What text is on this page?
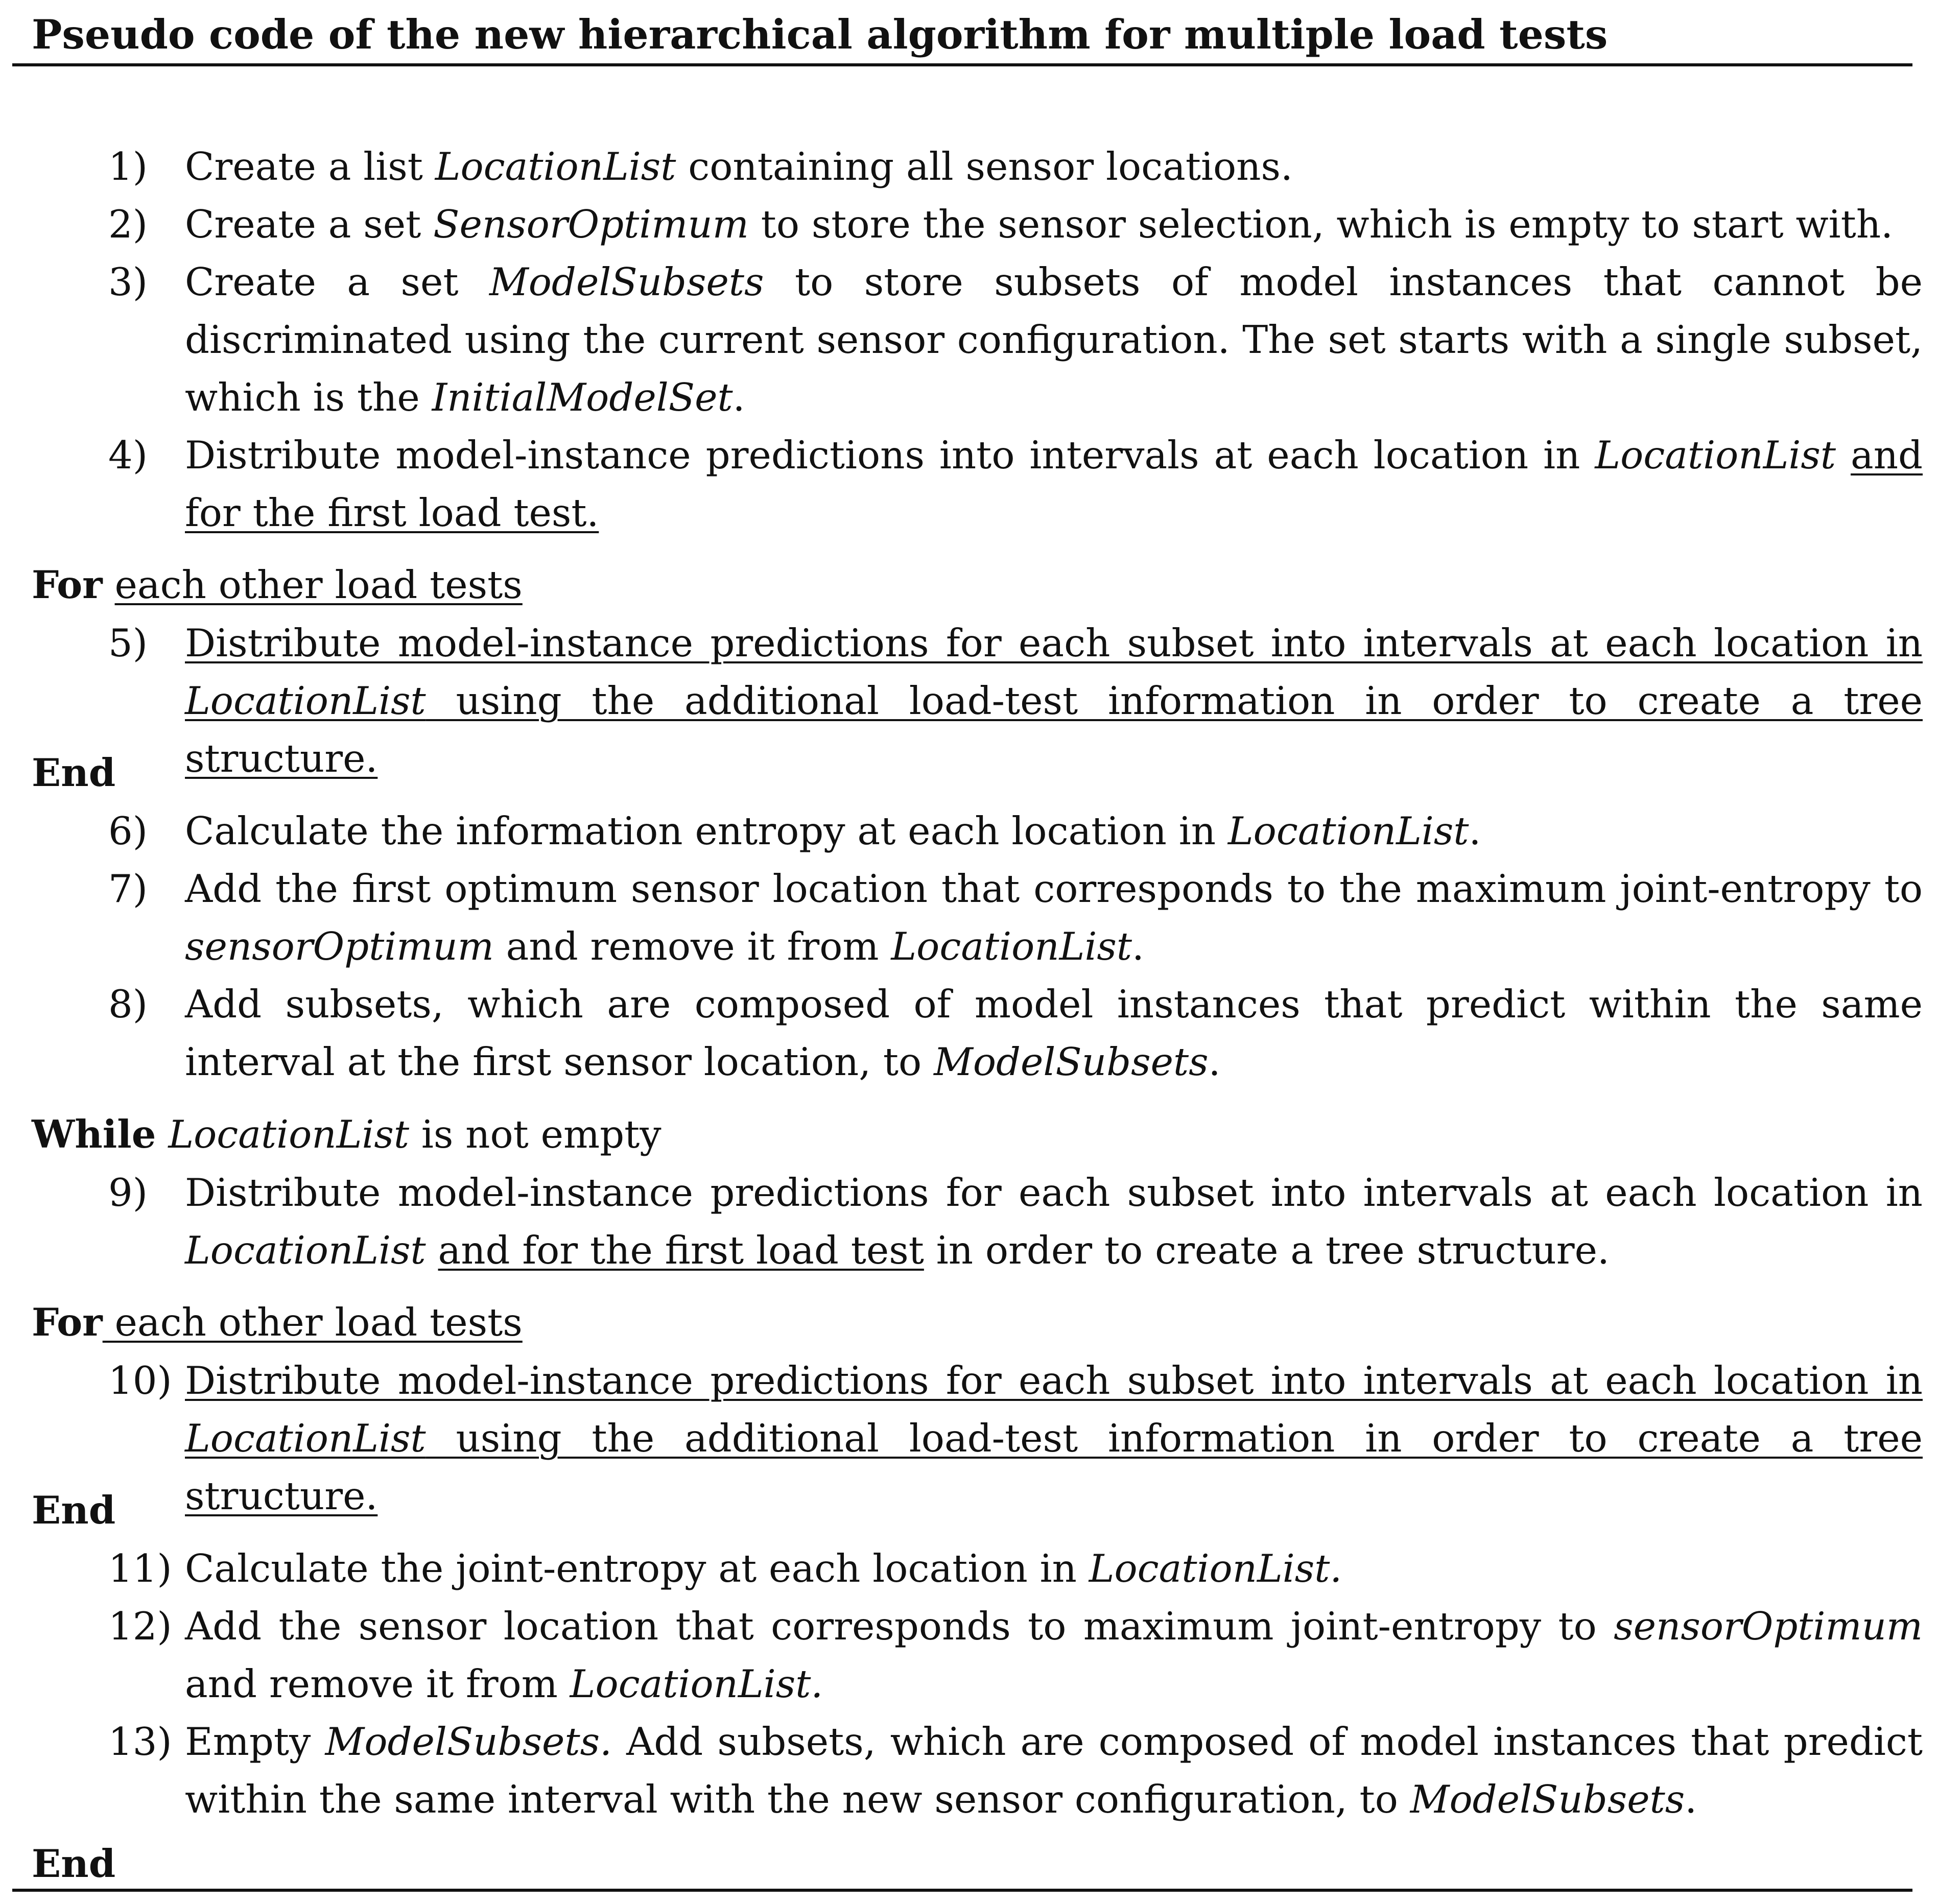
Pseudo code of the new hierarchical algorithm for multiple load tests
1) Create a list LocationList containing all sensor locations.
2) Create a set SensorOptimum to store the sensor selection, which is empty to start with.
3) Create a set ModelSubsets to store subsets of model instances that cannot be discriminated using the current sensor configuration. The set starts with a single subset, which is the InitialModelSet.
4) Distribute model-instance predictions into intervals at each location in LocationList and for the first load test.
For each other load tests
5) Distribute model-instance predictions for each subset into intervals at each location in LocationList using the additional load-test information in order to create a tree structure.
End
6) Calculate the information entropy at each location in LocationList.
7) Add the first optimum sensor location that corresponds to the maximum joint-entropy to sensorOptimum and remove it from LocationList.
8) Add subsets, which are composed of model instances that predict within the same interval at the first sensor location, to ModelSubsets.
While LocationList is not empty
9) Distribute model-instance predictions for each subset into intervals at each location in LocationList and for the first load test in order to create a tree structure.
For each other load tests
10) Distribute model-instance predictions for each subset into intervals at each location in LocationList using the additional load-test information in order to create a tree structure.
End
11) Calculate the joint-entropy at each location in LocationList.
12) Add the sensor location that corresponds to maximum joint-entropy to sensorOptimum and remove it from LocationList.
13) Empty ModelSubsets. Add subsets, which are composed of model instances that predict within the same interval with the new sensor configuration, to ModelSubsets.
End
